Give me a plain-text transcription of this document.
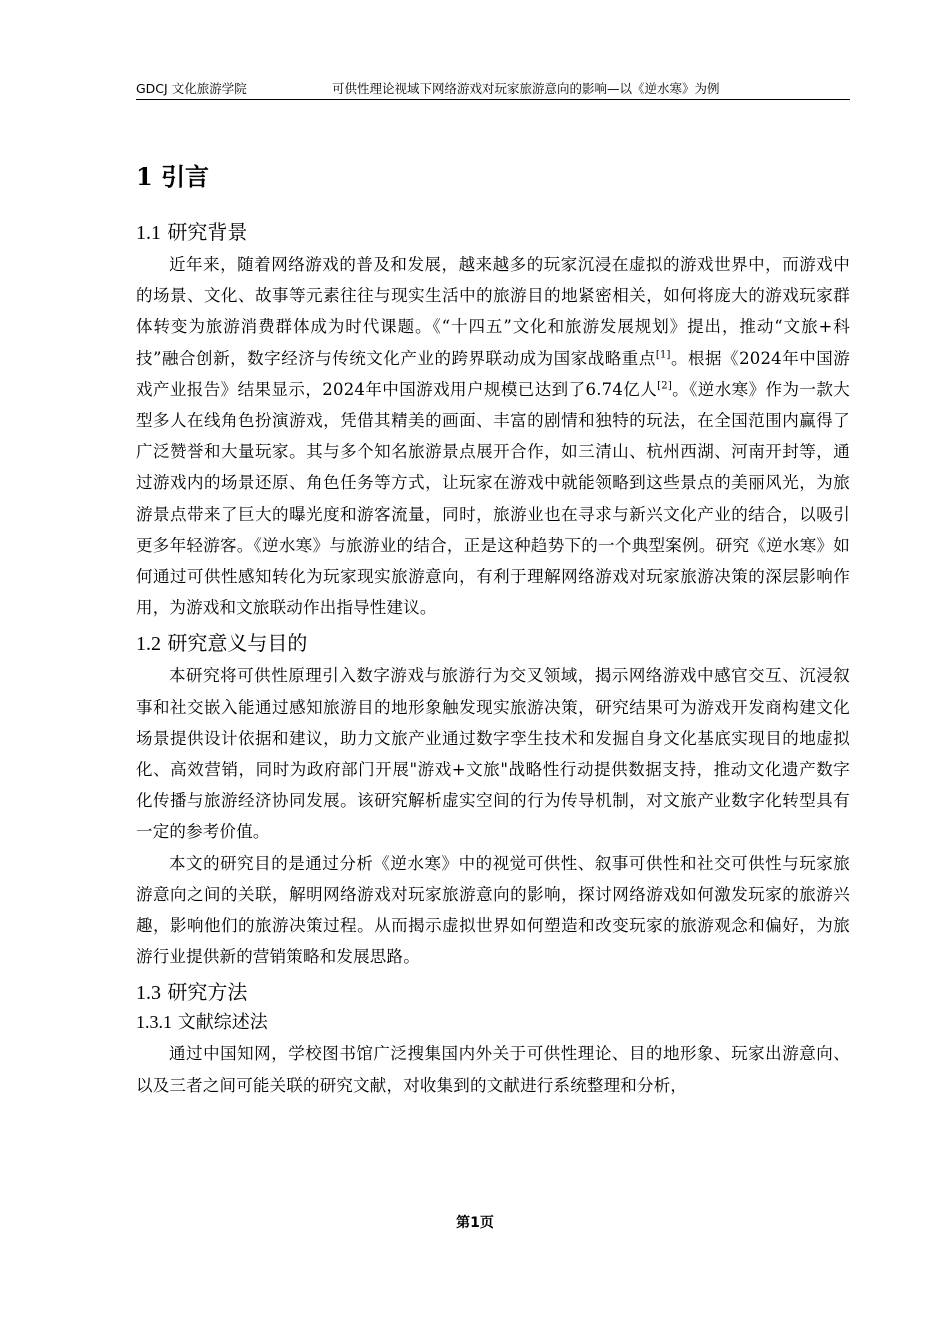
GDCJ 文化旅游学院	可供性理论视域下网络游戏对玩家旅游意向的影响—以《逆水寒》为例
1 引言
1.1 研究背景

近年来，随着网络游戏的普及和发展，越来越多的玩家沉浸在虚拟的游戏世界中，而游戏中的场景、文化、故事等元素往往与现实生活中的旅游目的地紧密相关，如何将庞大的游戏玩家群体转变为旅游消费群体成为时代课题。《“十四五”文化和旅游发展规划》提出，推动“文旅+科技”融合创新，数字经济与传统文化产业的跨界联动成为国家战略重点[1]。根据《2024年中国游戏产业报告》结果显示，2024年中国游戏用户规模已达到了6.74亿人[2]。《逆水寒》作为一款大型多人在线角色扮演游戏，凭借其精美的画面、丰富的剧情和独特的玩法，在全国范围内赢得了广泛赞誉和大量玩家。其与多个知名旅游景点展开合作，如三清山、杭州西湖、河南开封等，通过游戏内的场景还原、角色任务等方式，让玩家在游戏中就能领略到这些景点的美丽风光，为旅游景点带来了巨大的曝光度和游客流量，同时，旅游业也在寻求与新兴文化产业的结合，以吸引更多年轻游客。《逆水寒》与旅游业的结合，正是这种趋势下的一个典型案例。研究《逆水寒》如何通过可供性感知转化为玩家现实旅游意向，有利于理解网络游戏对玩家旅游决策的深层影响作用，为游戏和文旅联动作出指导性建议。

1.2 研究意义与目的

本研究将可供性原理引入数字游戏与旅游行为交叉领域，揭示网络游戏中感官交互、沉浸叙事和社交嵌入能通过感知旅游目的地形象触发现实旅游决策，研究结果可为游戏开发商构建文化场景提供设计依据和建议，助力文旅产业通过数字孪生技术和发掘自身文化基底实现目的地虚拟化、高效营销，同时为政府部门开展"游戏+文旅"战略性行动提供数据支持，推动文化遗产数字化传播与旅游经济协同发展。该研究解析虚实空间的行为传导机制，对文旅产业数字化转型具有一定的参考价值。

本文的研究目的是通过分析《逆水寒》中的视觉可供性、叙事可供性和社交可供性与玩家旅游意向之间的关联，解明网络游戏对玩家旅游意向的影响，探讨网络游戏如何激发玩家的旅游兴趣，影响他们的旅游决策过程。从而揭示虚拟世界如何塑造和改变玩家的旅游观念和偏好，为旅游行业提供新的营销策略和发展思路。

1.3 研究方法
1.3.1 文献综述法

通过中国知网，学校图书馆广泛搜集国内外关于可供性理论、目的地形象、玩家出游意向、以及三者之间可能关联的研究文献，对收集到的文献进行系统整理和分析，

第1页
